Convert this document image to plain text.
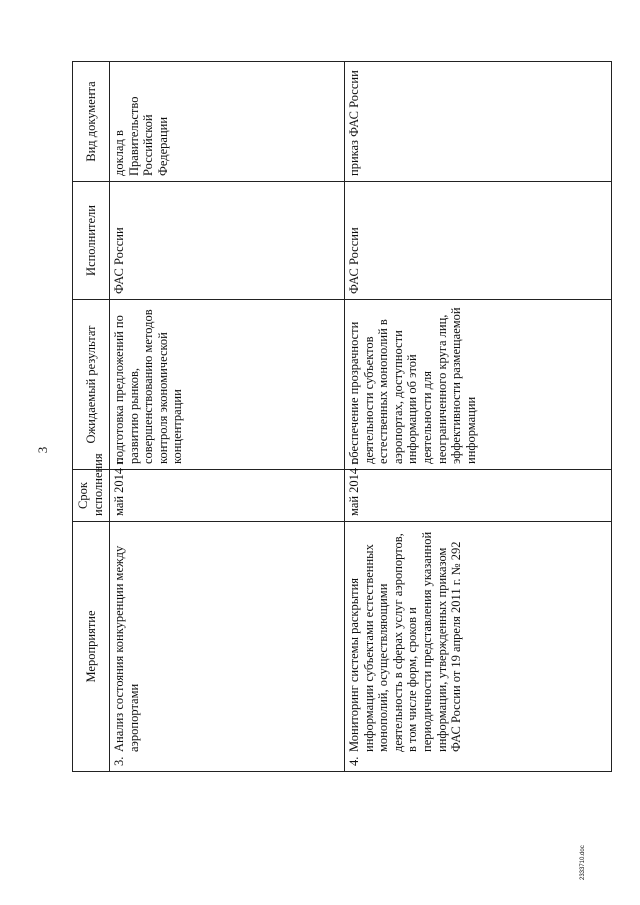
3
Мероприятие	Срок исполнения	Ожидаемый результат	Исполнители	Вид документа
3.
Анализ состояния конкуренции между аэропортами	май 2014 г.	подготовка предложений по развитию рынков, совершенствованию методов контроля экономической концентрации	ФАС России	доклад в Правительство Российской Федерации
4.
Мониторинг системы раскрытия информации субъектами естественных монополий, осуществляющими деятельность в сферах услуг аэропортов, в том числе форм, сроков и периодичности представления указанной информации, утвержденных приказом ФАС России от 19 апреля 2011 г. № 292	май 2014 г.	обеспечение прозрачности деятельности субъектов естественных монополий в аэропортах, доступности информации об этой деятельности для неограниченного круга лиц, эффективности размещаемой информации	ФАС России	приказ ФАС России
2333710.doc
